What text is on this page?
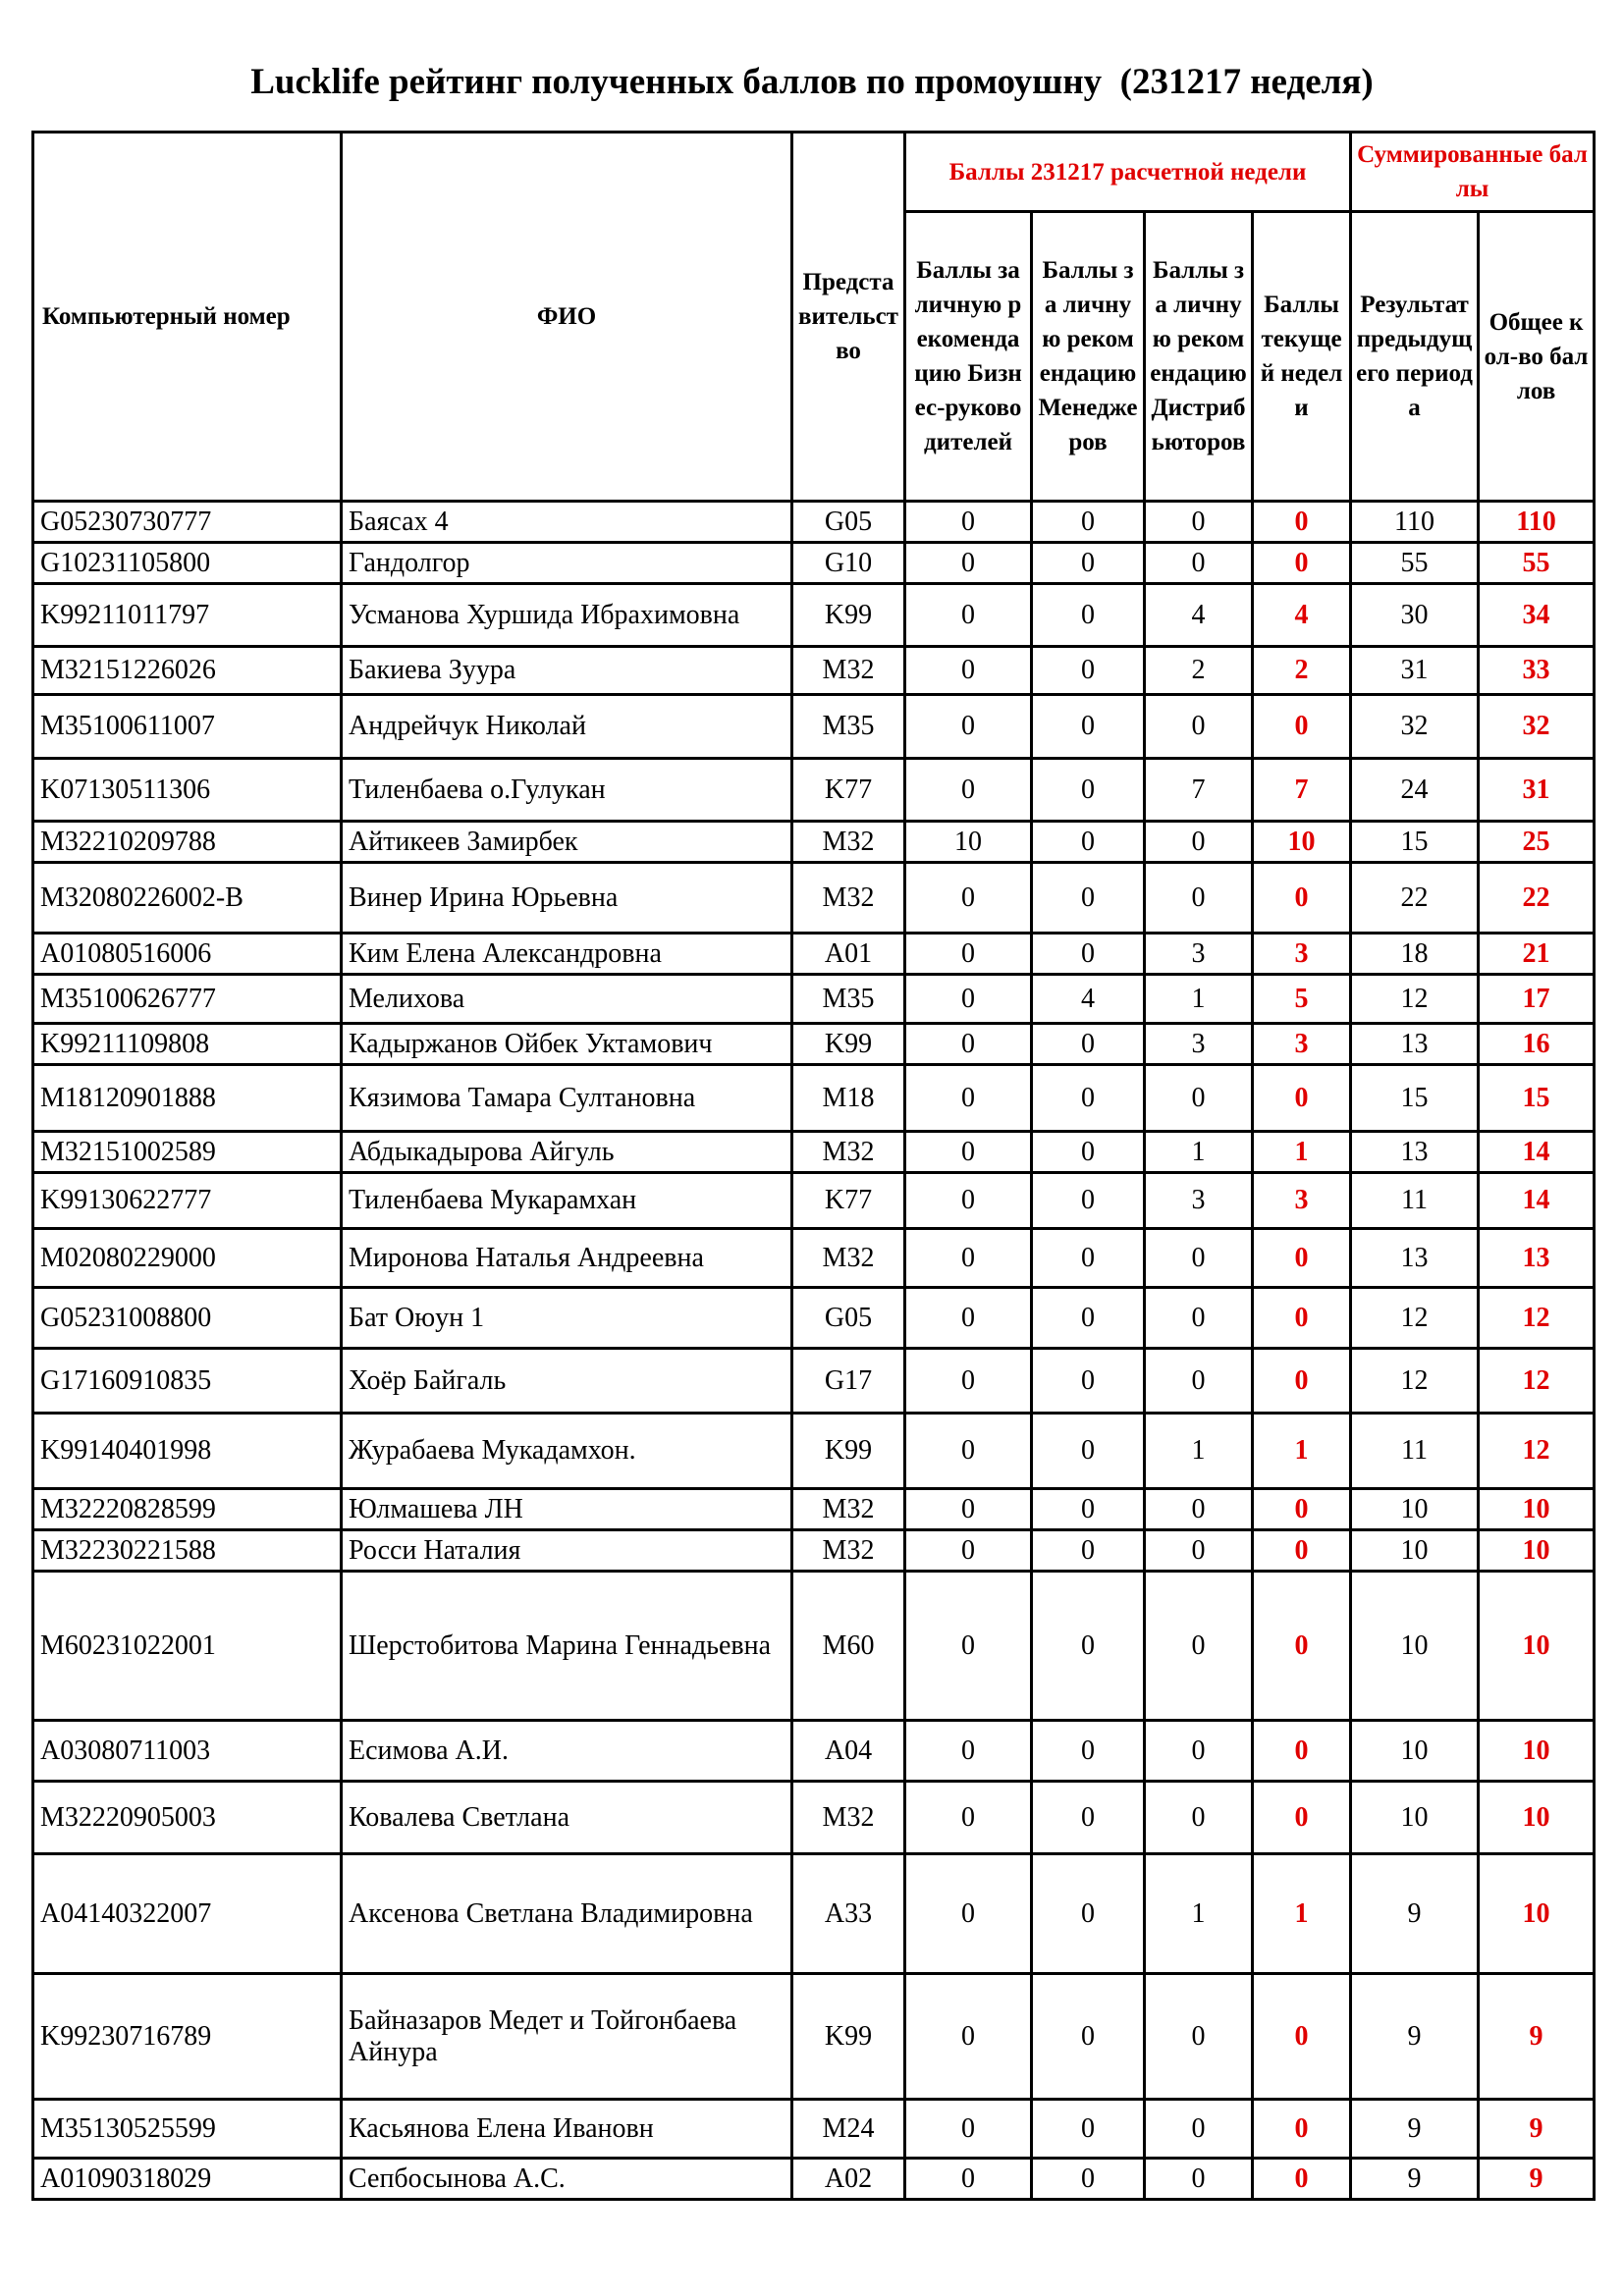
Lucklife рейтинг полученных баллов по промоушну  (231217 неделя)
Компьютерный номер	ФИО	Представительство	Баллы 231217 расчетной недели				Суммированные баллы	
			Баллы за личную рекомендацию Бизнес-руководителей	Баллы за личную рекомендацию Менеджеров	Баллы за личную рекомендацию Дистрибьюторов	Баллы текущей недели	Результат предыдущего периода	Общее кол-во баллов
G05230730777	Баясах 4	G05	0	0	0	0	110	110
G10231105800	Гандолгор	G10	0	0	0	0	55	55
K99211011797	Усманова Хуршида Ибрахимовна	K99	0	0	4	4	30	34
M32151226026	Бакиева Зуура	M32	0	0	2	2	31	33
M35100611007	Андрейчук Николай	M35	0	0	0	0	32	32
K07130511306	Тиленбаева о.Гулукан	K77	0	0	7	7	24	31
M32210209788	Айтикеев Замирбек	M32	10	0	0	10	15	25
M32080226002-B	Винер Ирина Юрьевна	M32	0	0	0	0	22	22
A01080516006	Ким Елена Александровна	A01	0	0	3	3	18	21
M35100626777	Мелихова	M35	0	4	1	5	12	17
K99211109808	Кадыржанов Ойбек Уктамович	K99	0	0	3	3	13	16
M18120901888	Кязимова Тамара Султановна	M18	0	0	0	0	15	15
M32151002589	Абдыкадырова Айгуль	M32	0	0	1	1	13	14
K99130622777	Тиленбаева Мукарамхан	K77	0	0	3	3	11	14
M02080229000	Миронова Наталья Андреевна	M32	0	0	0	0	13	13
G05231008800	Бат Оюун 1	G05	0	0	0	0	12	12
G17160910835	Хоёр Байгаль	G17	0	0	0	0	12	12
K99140401998	Журабаева Мукадамхон.	K99	0	0	1	1	11	12
M32220828599	Юлмашева ЛН	M32	0	0	0	0	10	10
M32230221588	Росси Наталия	M32	0	0	0	0	10	10
M60231022001	Шерстобитова Марина Геннадьевна	M60	0	0	0	0	10	10
A03080711003	Есимова А.И.	A04	0	0	0	0	10	10
M32220905003	Ковалева Светлана	M32	0	0	0	0	10	10
A04140322007	Аксенова Светлана Владимировна	A33	0	0	1	1	9	10
K99230716789	Байназаров Медет и Тойгонбаева Айнура	K99	0	0	0	0	9	9
M35130525599	Касьянова Елена Ивановн	M24	0	0	0	0	9	9
A01090318029	Сепбосынова А.С.	A02	0	0	0	0	9	9
